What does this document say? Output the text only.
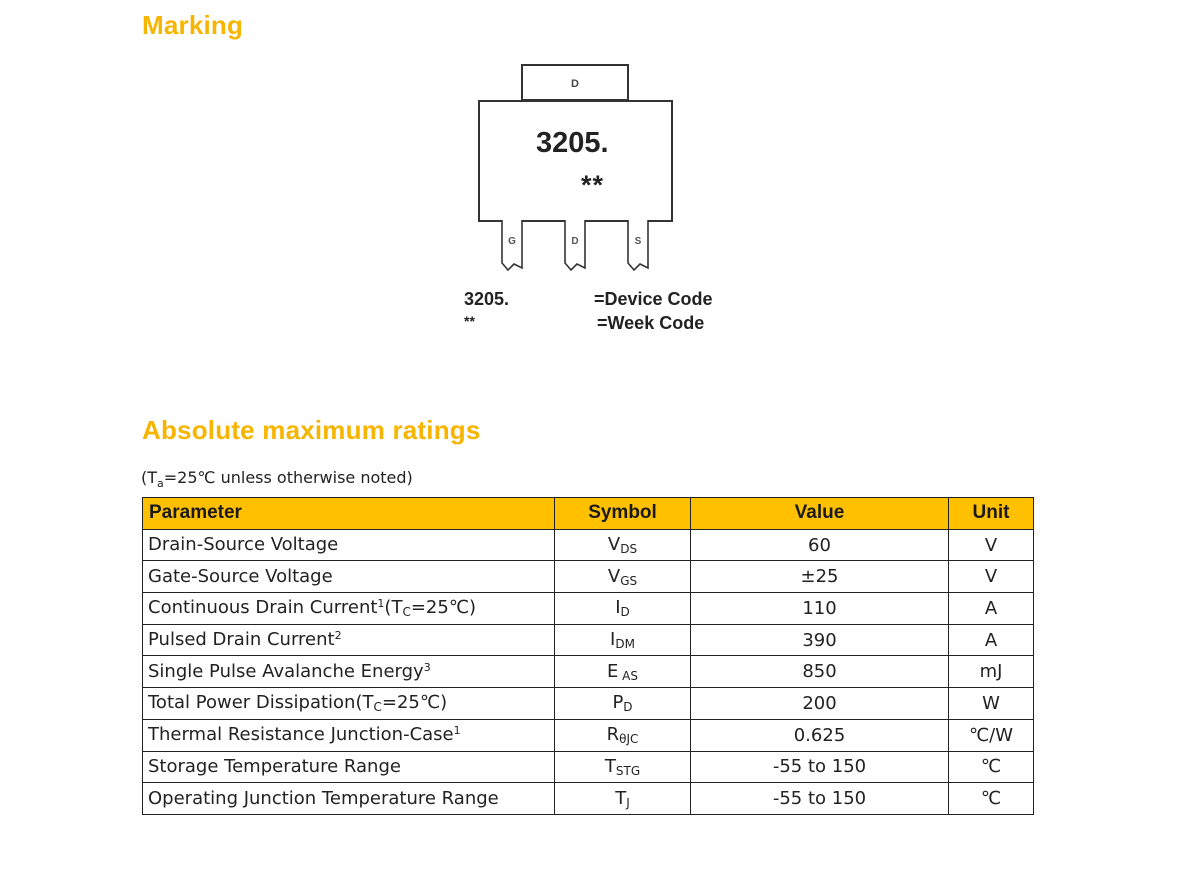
Marking
D
3205.
**
G	D	S
3205.
**
=Device Code
=Week Code
Absolute maximum ratings
($T_a=25℃$ unless otherwise noted)
Parameter	Symbol	Value	Unit
Drain-Source Voltage	$V_{DS}$	60	V
Gate-Source Voltage	$V_{GS}$	±25	V
Continuous Drain $Current^1(T_C=25℃)$	$I_D$	110	A
Pulsed Drain Current$^2$	$I_{DM}$	390	A
Single Pulse Avalanche Energy$^3$	E $_{AS}$	850	mJ
Total Power $Dissipation(T_C=25℃)$	$P_D$	200	W
Thermal Resistance Junction-Case$^1$	$R_{\theta JC}$	0.625	℃/W
Storage Temperature Range	$T_{STG}$	-55 to 150	℃
Operating Junction Temperature Range	$T_J$	-55 to 150	℃
